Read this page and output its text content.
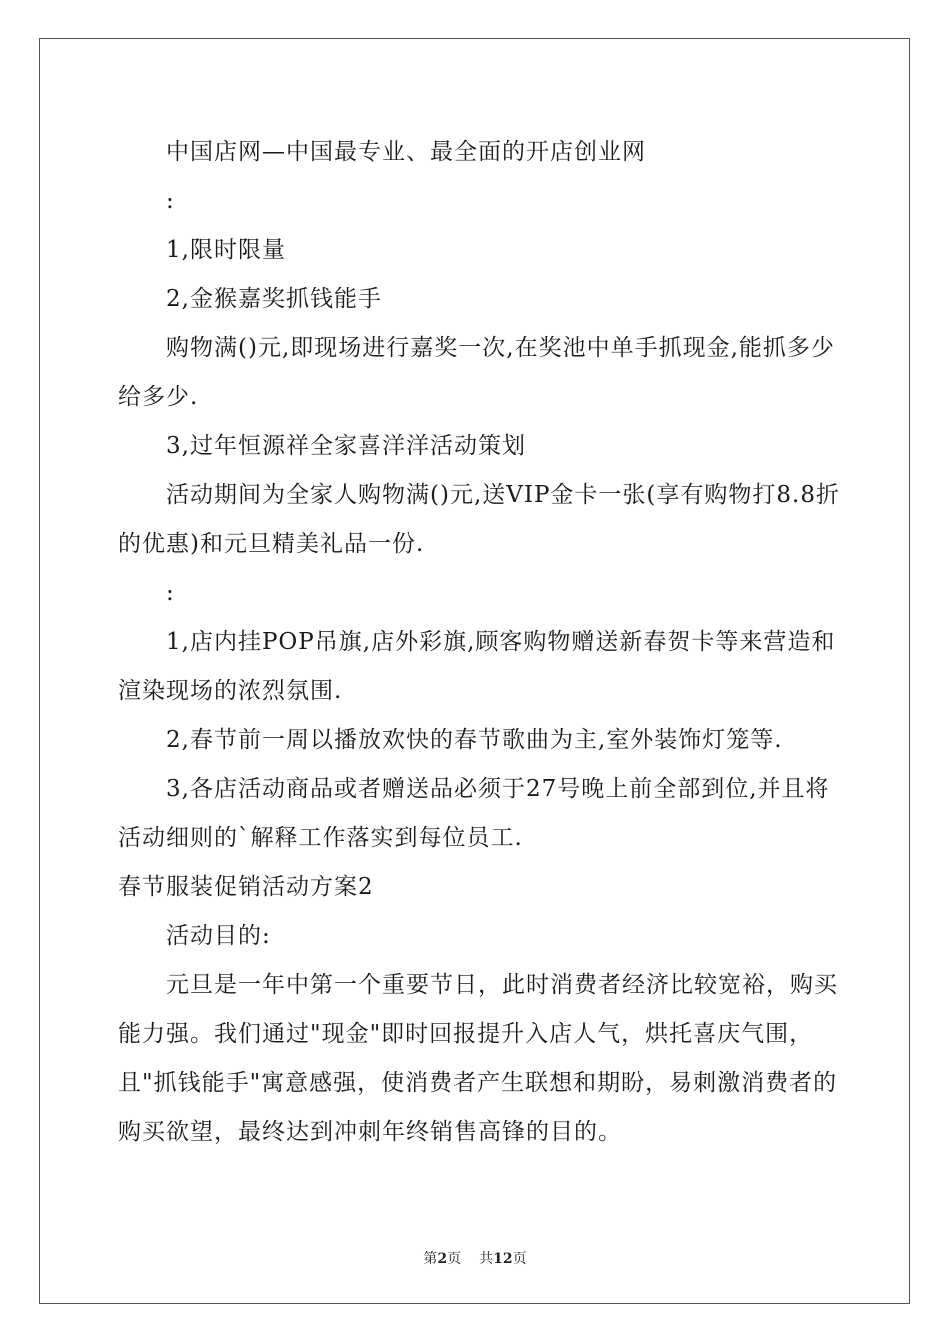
中国店网—中国最专业、最全面的开店创业网

:

1,限时限量

2,金猴嘉奖抓钱能手

购物满()元,即现场进行嘉奖一次,在奖池中单手抓现金,能抓多少给多少.

3,过年恒源祥全家喜洋洋活动策划

活动期间为全家人购物满()元,送VIP金卡一张(享有购物打8.8折的优惠)和元旦精美礼品一份.

:

1,店内挂POP吊旗,店外彩旗,顾客购物赠送新春贺卡等来营造和渲染现场的浓烈氛围.

2,春节前一周以播放欢快的春节歌曲为主,室外装饰灯笼等.

3,各店活动商品或者赠送品必须于27号晚上前全部到位,并且将活动细则的`解释工作落实到每位员工.

春节服装促销活动方案2

活动目的:

元旦是一年中第一个重要节日，此时消费者经济比较宽裕，购买能力强。我们通过"现金"即时回报提升入店人气，烘托喜庆气围，且"抓钱能手"寓意感强，使消费者产生联想和期盼，易刺激消费者的购买欲望，最终达到冲刺年终销售高锋的目的。

第2页 共12页
